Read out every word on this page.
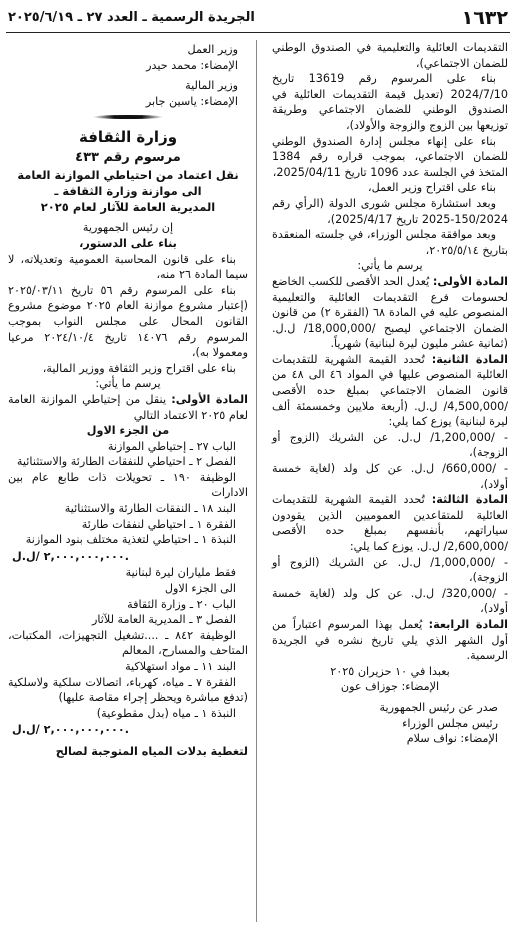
١٦٣٢
الجريدة الرسمية ـ العدد ٢٧ ـ ٢٠٢٥/٦/١٩

التقديمات العائلية والتعليمية في الصندوق الوطني للضمان الاجتماعي)،

بناء على المرسوم رقم 13619 تاريخ 2024/7/10 (تعديل قيمة التقديمات العائلية في الصندوق الوطني للضمان الاجتماعي وطريقة توزيعها بين الزوج والزوجة والأولاد)،

بناء على إنهاء مجلس إدارة الصندوق الوطني للضمان الاجتماعي، بموجب قراره رقم 1384 المتخذ في الجلسة عدد 1096 تاريخ 2025/04/11،

بناء على اقتراح وزير العمل،

وبعد استشارة مجلس شورى الدولة (الرأي رقم 150/2024-2025 تاريخ 2025/4/17)،

وبعد موافقة مجلس الوزراء، في جلسته المنعقدة بتاريخ ٢٠٢٥/٥/١٤،

يرسم ما يأتي:

المادة الأولى: يُعدل الحد الأقصى للكسب الخاضع لحسومات فرع التقديمات العائلية والتعليمية المنصوص عليه في المادة ٦٨ (الفقرة ٢) من قانون الضمان الاجتماعي ليصبح /18,000,000/ ل.ل. (ثمانية عشر مليون ليرة لبنانية) شهرياً.

المادة الثانية: تُحدد القيمة الشهرية للتقديمات العائلية المنصوص عليها في المواد ٤٦ الى ٤٨ من قانون الضمان الاجتماعي بمبلغ حده الأقصى /4,500,000/ ل.ل. (أربعة ملايين وخمسمئة ألف ليرة لبنانية) يوزع كما يلي:

- /1,200,000/ ل.ل. عن الشريك (الزوج أو الزوجة)،

- /660,000/ ل.ل. عن كل ولد (لغاية خمسة أولاد)،

المادة الثالثة: تُحدد القيمة الشهرية للتقديمات العائلية للمتقاعدين العموميين الذين يقودون سياراتهم، بأنفسهم بمبلغ حده الأقصى /2,600,000/ ل.ل. يوزع كما يلي:

- /1,000,000/ ل.ل. عن الشريك (الزوج أو الزوجة)،

- /320,000/ ل.ل. عن كل ولد (لغاية خمسة أولاد)،

المادة الرابعة: يُعمل بهذا المرسوم اعتباراً من أول الشهر الذي يلي تاريخ نشره في الجريدة الرسمية.

بعبدا في ١٠ حزيران ٢٠٢٥

الإمضاء: جوزاف عون

صدر عن رئيس الجمهورية

رئيس مجلس الوزراء

الإمضاء: نواف سلام

وزير العمل

الإمضاء: محمد حيدر

وزير المالية

الإمضاء: ياسين جابر

وزارة الثقافة

مرسوم رقم ٤٣٣

نقل اعتماد من احتياطي الموازنة العامة

الى موازنة وزارة الثقافة ـ

المديرية العامة للآثار لعام ٢٠٢٥

إن رئيس الجمهورية

بناء على الدستور،

بناء على قانون المحاسبة العمومية وتعديلاته، لا سيما المادة ٢٦ منه،

بناء على المرسوم رقم ٥٦ تاريخ ٢٠٢٥/٠٣/١١ (إعتبار مشروع موازنة العام ٢٠٢٥ موضوع مشروع القانون المحال على مجلس النواب بموجب المرسوم رقم ١٤٠٧٦ تاريخ ٢٠٢٤/١٠/٤ مرعيا ومعمولا به)،

بناء على اقتراح وزير الثقافة ووزير المالية،

يرسم ما يأتي:

المادة الأولى: ينقل من إحتياطي الموازنة العامة لعام ٢٠٢٥ الاعتماد التالي

من الجزء الاول

الباب ٢٧ ـ إحتياطي الموازنة

الفصل ٢ ـ احتياطي للنفقات الطارئة والاستثنائية

الوظيفة ١٩٠ ـ تحويلات ذات طابع عام بين الادارات

البند ١٨ ـ النفقات الطارئة والاستثنائية

الفقرة ١ ـ احتياطي لنفقات طارئة

النبذة ١ ـ احتياطي لتغذية مختلف بنود الموازنة

٢,٠٠٠,٠٠٠,٠٠٠ /ل.ل.

فقط ملياران ليرة لبنانية

الى الجزء الاول

الباب ٢٠ ـ وزارة الثقافة

الفصل ٣ ـ المديرية العامة للآثار

الوظيفة ٨٤٢ ـ ....تشغيل التجهيزات، المكتبات، المتاحف والمسارح، المعالم

البند ١١ ـ مواد استهلاكية

الفقرة ٧ ـ مياه، كهرباء، اتصالات سلكية ولاسلكية (تدفع مباشرة ويحظر إجراء مقاصة عليها)

النبذة ١ ـ مياه (بدل مقطوعية)

٢,٠٠٠,٠٠٠,٠٠٠ /ل.ل.

لتغطية بدلات المياه المتوجبة لصالح
